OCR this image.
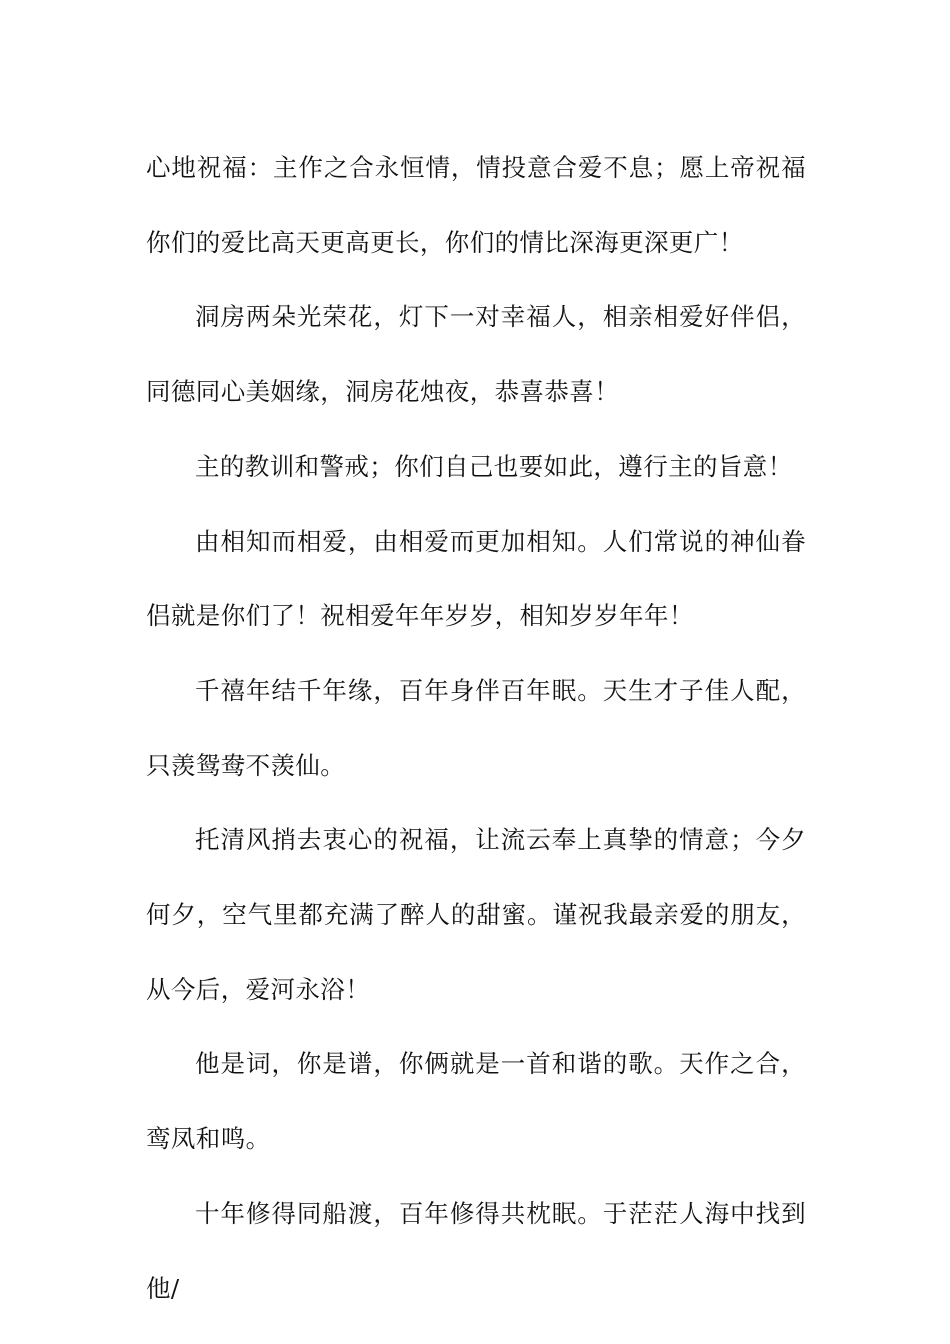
心地祝福：主作之合永恒情，情投意合爱不息；愿上帝祝福你们的爱比高天更高更长，你们的情比深海更深更广！

洞房两朵光荣花，灯下一对幸福人，相亲相爱好伴侣，同德同心美姻缘，洞房花烛夜，恭喜恭喜！

主的教训和警戒；你们自己也要如此，遵行主的旨意！

由相知而相爱，由相爱而更加相知。人们常说的神仙眷侣就是你们了！祝相爱年年岁岁，相知岁岁年年！

千禧年结千年缘，百年身伴百年眠。天生才子佳人配，只羡鸳鸯不羡仙。

托清风捎去衷心的祝福，让流云奉上真挚的情意；今夕何夕，空气里都充满了醉人的甜蜜。谨祝我最亲爱的朋友，从今后，爱河永浴！

他是词，你是谱，你俩就是一首和谐的歌。天作之合，鸾凤和鸣。

十年修得同船渡，百年修得共枕眠。于茫茫人海中找到他/
